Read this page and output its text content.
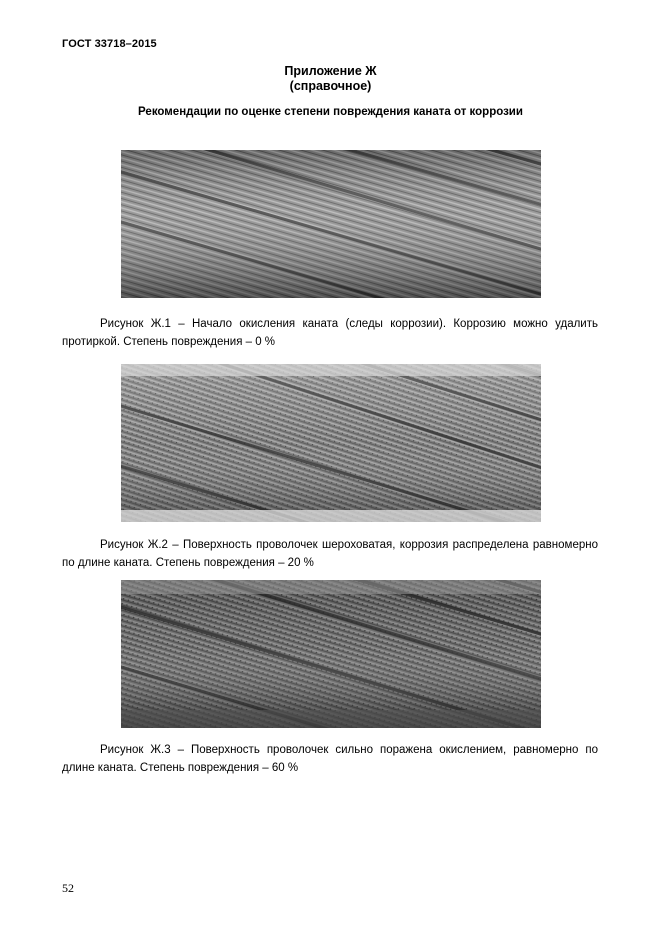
ГОСТ 33718–2015
Приложение Ж
(справочное)
Рекомендации по оценке степени повреждения каната от коррозии
Рисунок Ж.1 – Начало окисления каната (следы коррозии). Коррозию можно удалить протиркой. Степень повреждения – 0 %
Рисунок Ж.2 – Поверхность проволочек шероховатая, коррозия распределена равномерно по длине каната. Степень повреждения – 20 %
Рисунок Ж.3 – Поверхность проволочек сильно поражена окислением, равномерно по длине каната. Степень повреждения – 60 %
52
